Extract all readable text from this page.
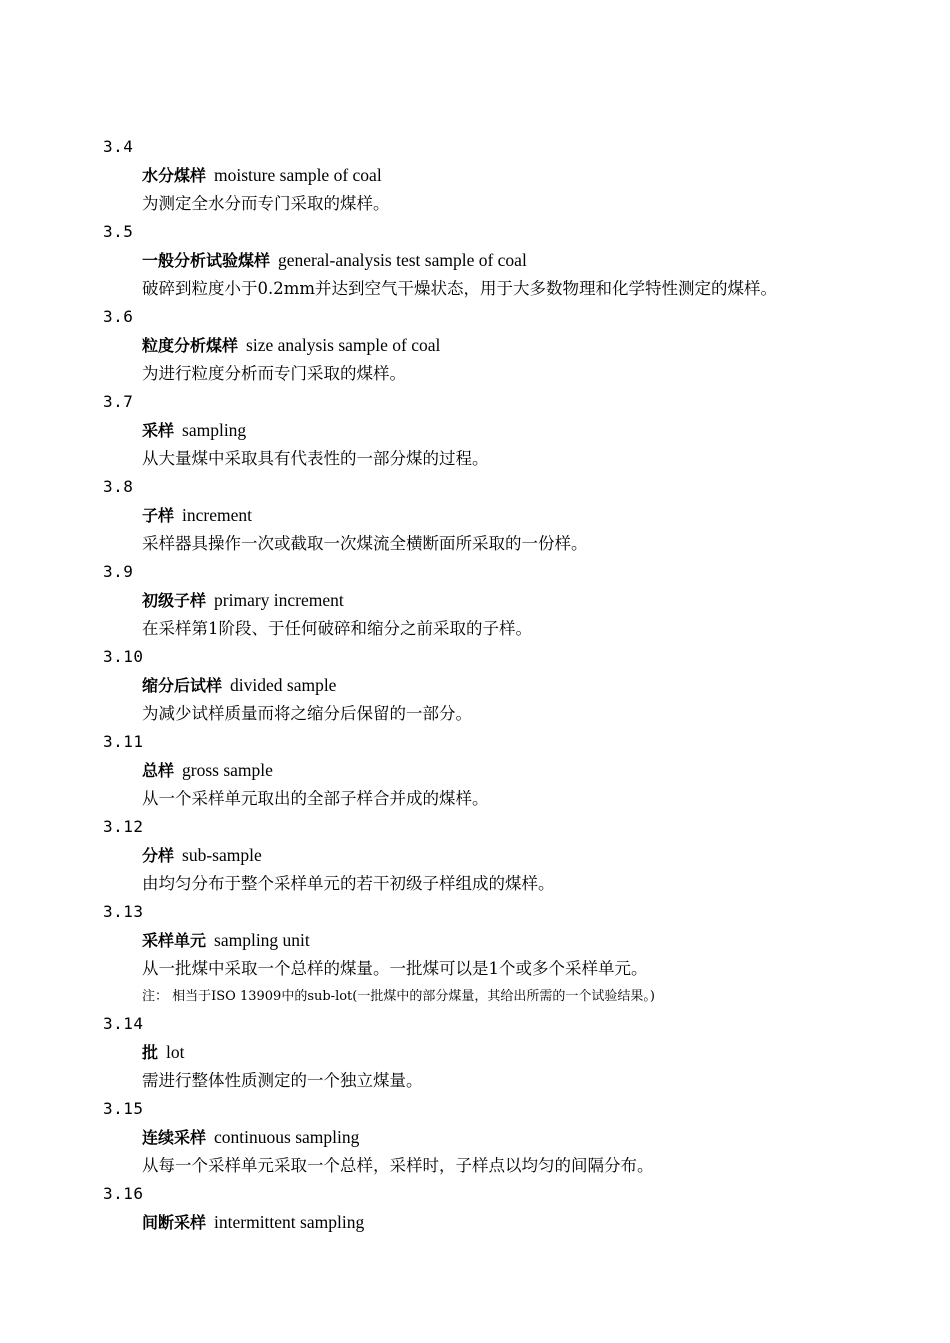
3.4
水分煤样 moisture sample of coal
为测定全水分而专门采取的煤样。
3.5
一般分析试验煤样 general-analysis test sample of coal
破碎到粒度小于0.2mm并达到空气干燥状态，用于大多数物理和化学特性测定的煤样。
3.6
粒度分析煤样 size analysis sample of coal
为进行粒度分析而专门采取的煤样。
3.7
采样 sampling
从大量煤中采取具有代表性的一部分煤的过程。
3.8
子样 increment
采样器具操作一次或截取一次煤流全横断面所采取的一份样。
3.9
初级子样 primary increment
在采样第1阶段、于任何破碎和缩分之前采取的子样。
3.10
缩分后试样 divided sample
为减少试样质量而将之缩分后保留的一部分。
3.11
总样 gross sample
从一个采样单元取出的全部子样合并成的煤样。
3.12
分样 sub-sample
由均匀分布于整个采样单元的若干初级子样组成的煤样。
3.13
采样单元 sampling unit
从一批煤中采取一个总样的煤量。一批煤可以是1个或多个采样单元。
注： 相当于ISO 13909中的sub-lot(一批煤中的部分煤量，其给出所需的一个试验结果。)
3.14
批 lot
需进行整体性质测定的一个独立煤量。
3.15
连续采样 continuous sampling
从每一个采样单元采取一个总样，采样时，子样点以均匀的间隔分布。
3.16
间断采样 intermittent sampling
